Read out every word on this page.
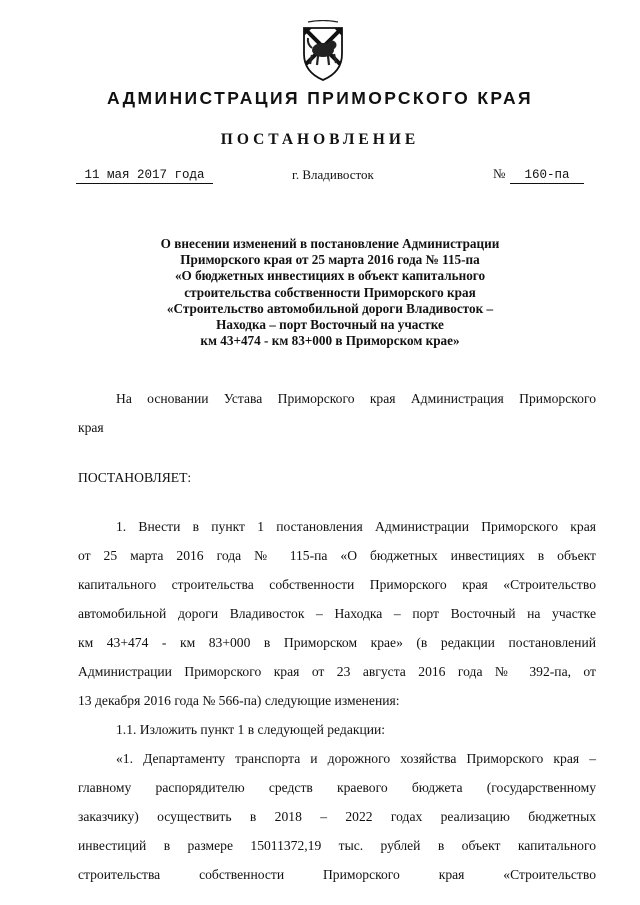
АДМИНИСТРАЦИЯ ПРИМОРСКОГО КРАЯ
ПОСТАНОВЛЕНИЕ
11 мая 2017 года	г. Владивосток	№	160-па
О внесении изменений в постановление Администрации
Приморского края от 25 марта 2016 года № 115-па
«О бюджетных инвестициях в объект капитального
строительства собственности Приморского края
«Строительство автомобильной дороги Владивосток –
Находка – порт Восточный на участке
км 43+474 - км 83+000 в Приморском крае»
На основании Устава Приморского края Администрация Приморского
края
ПОСТАНОВЛЯЕТ:
1. Внести в пункт 1 постановления Администрации Приморского края
от 25 марта 2016 года № 115-па «О бюджетных инвестициях в объект
капитального строительства собственности Приморского края «Строительство
автомобильной дороги Владивосток – Находка – порт Восточный на участке
км 43+474 - км 83+000 в Приморском крае» (в редакции постановлений
Администрации Приморского края от 23 августа 2016 года № 392-па, от
13 декабря 2016 года № 566-па) следующие изменения:
1.1. Изложить пункт 1 в следующей редакции:
«1. Департаменту транспорта и дорожного хозяйства Приморского края –
главному распорядителю средств краевого бюджета (государственному
заказчику) осуществить в 2018 – 2022 годах реализацию бюджетных
инвестиций в размере 15011372,19 тыс. рублей в объект капитального
строительства собственности Приморского края «Строительство
